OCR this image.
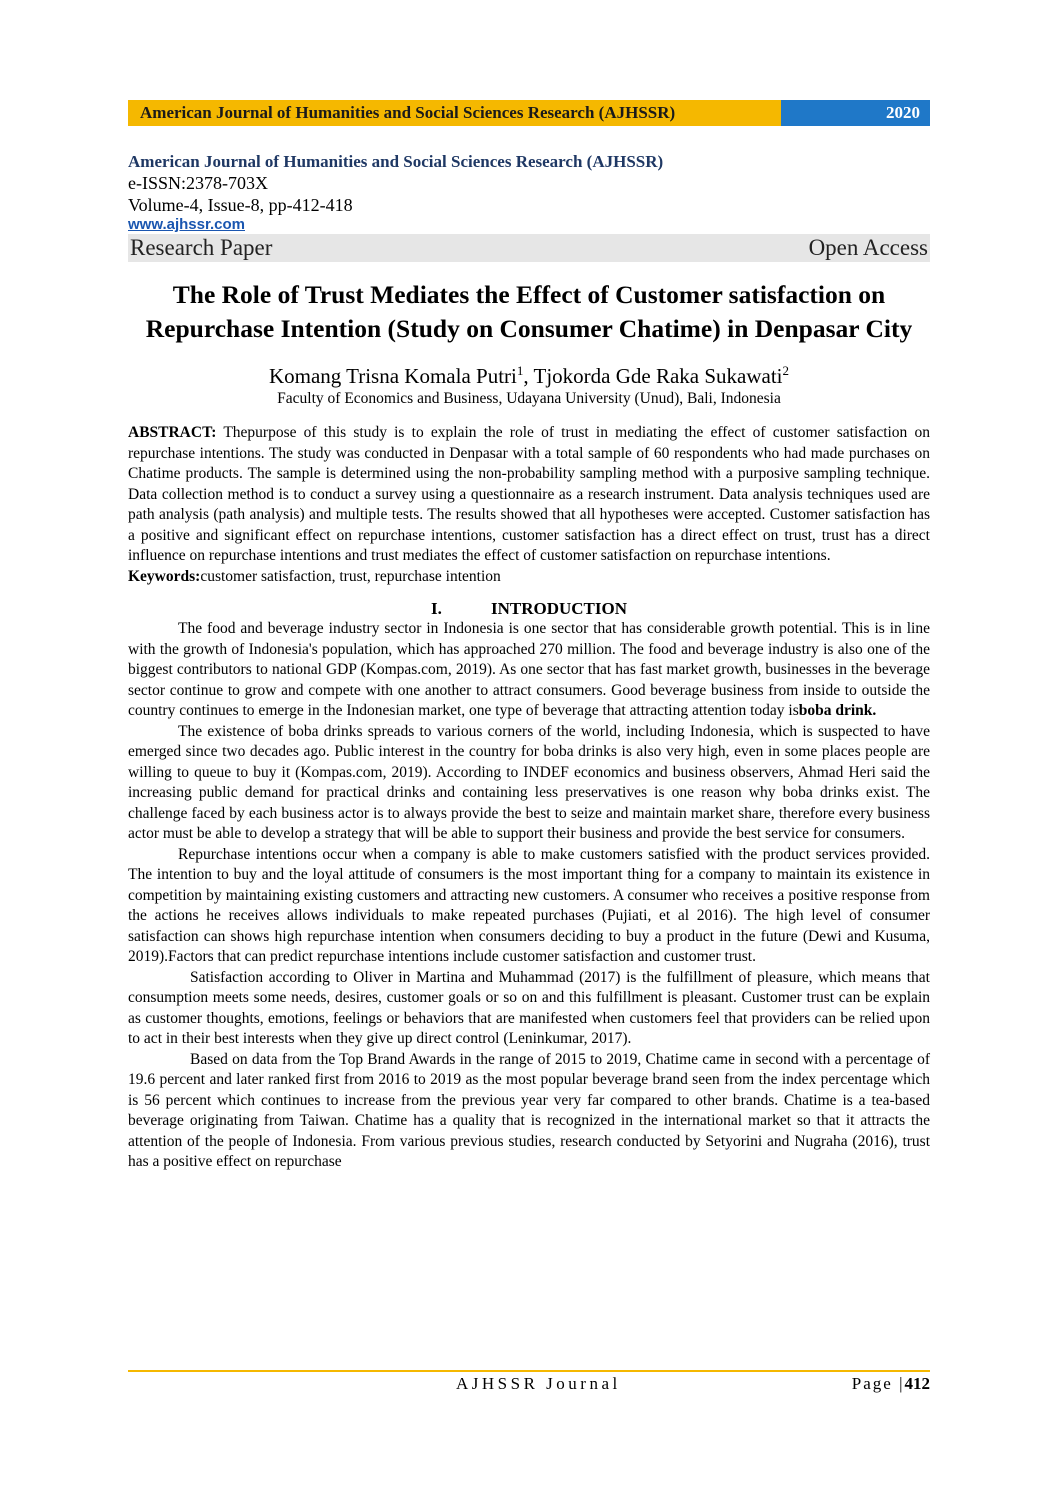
American Journal of Humanities and Social Sciences Research (AJHSSR)	2020
American Journal of Humanities and Social Sciences Research (AJHSSR)
e-ISSN:2378-703X
Volume-4, Issue-8, pp-412-418
www.ajhssr.com
Research Paper	Open Access
The Role of Trust Mediates the Effect of Customer satisfaction on Repurchase Intention (Study on Consumer Chatime) in Denpasar City
Komang Trisna Komala Putri$^1$, Tjokorda Gde Raka Sukawati$^2$
Faculty of Economics and Business, Udayana University (Unud), Bali, Indonesia
ABSTRACT: Thepurpose of this study is to explain the role of trust in mediating the effect of customer satisfaction on repurchase intentions. The study was conducted in Denpasar with a total sample of 60 respondents who had made purchases on Chatime products. The sample is determined using the non-probability sampling method with a purposive sampling technique. Data collection method is to conduct a survey using a questionnaire as a research instrument. Data analysis techniques used are path analysis (path analysis) and multiple tests. The results showed that all hypotheses were accepted. Customer satisfaction has a positive and significant effect on repurchase intentions, customer satisfaction has a direct effect on trust, trust has a direct influence on repurchase intentions and trust mediates the effect of customer satisfaction on repurchase intentions.
Keywords:customer satisfaction, trust, repurchase intention
I.	INTRODUCTION
The food and beverage industry sector in Indonesia is one sector that has considerable growth potential. This is in line with the growth of Indonesia's population, which has approached 270 million. The food and beverage industry is also one of the biggest contributors to national GDP (Kompas.com, 2019). As one sector that has fast market growth, businesses in the beverage sector continue to grow and compete with one another to attract consumers. Good beverage business from inside to outside the country continues to emerge in the Indonesian market, one type of beverage that attracting attention today isboba drink.
The existence of boba drinks spreads to various corners of the world, including Indonesia, which is suspected to have emerged since two decades ago. Public interest in the country for boba drinks is also very high, even in some places people are willing to queue to buy it (Kompas.com, 2019). According to INDEF economics and business observers, Ahmad Heri said the increasing public demand for practical drinks and containing less preservatives is one reason why boba drinks exist. The challenge faced by each business actor is to always provide the best to seize and maintain market share, therefore every business actor must be able to develop a strategy that will be able to support their business and provide the best service for consumers.
Repurchase intentions occur when a company is able to make customers satisfied with the product services provided. The intention to buy and the loyal attitude of consumers is the most important thing for a company to maintain its existence in competition by maintaining existing customers and attracting new customers. A consumer who receives a positive response from the actions he receives allows individuals to make repeated purchases (Pujiati, et al 2016). The high level of consumer satisfaction can shows high repurchase intention when consumers deciding to buy a product in the future (Dewi and Kusuma, 2019).Factors that can predict repurchase intentions include customer satisfaction and customer trust.
Satisfaction according to Oliver in Martina and Muhammad (2017) is the fulfillment of pleasure, which means that consumption meets some needs, desires, customer goals or so on and this fulfillment is pleasant. Customer trust can be explain as customer thoughts, emotions, feelings or behaviors that are manifested when customers feel that providers can be relied upon to act in their best interests when they give up direct control (Leninkumar, 2017).
Based on data from the Top Brand Awards in the range of 2015 to 2019, Chatime came in second with a percentage of 19.6 percent and later ranked first from 2016 to 2019 as the most popular beverage brand seen from the index percentage which is 56 percent which continues to increase from the previous year very far compared to other brands. Chatime is a tea-based beverage originating from Taiwan. Chatime has a quality that is recognized in the international market so that it attracts the attention of the people of Indonesia. From various previous studies, research conducted by Setyorini and Nugraha (2016), trust has a positive effect on repurchase
AJHSSR Journal	Page |412
